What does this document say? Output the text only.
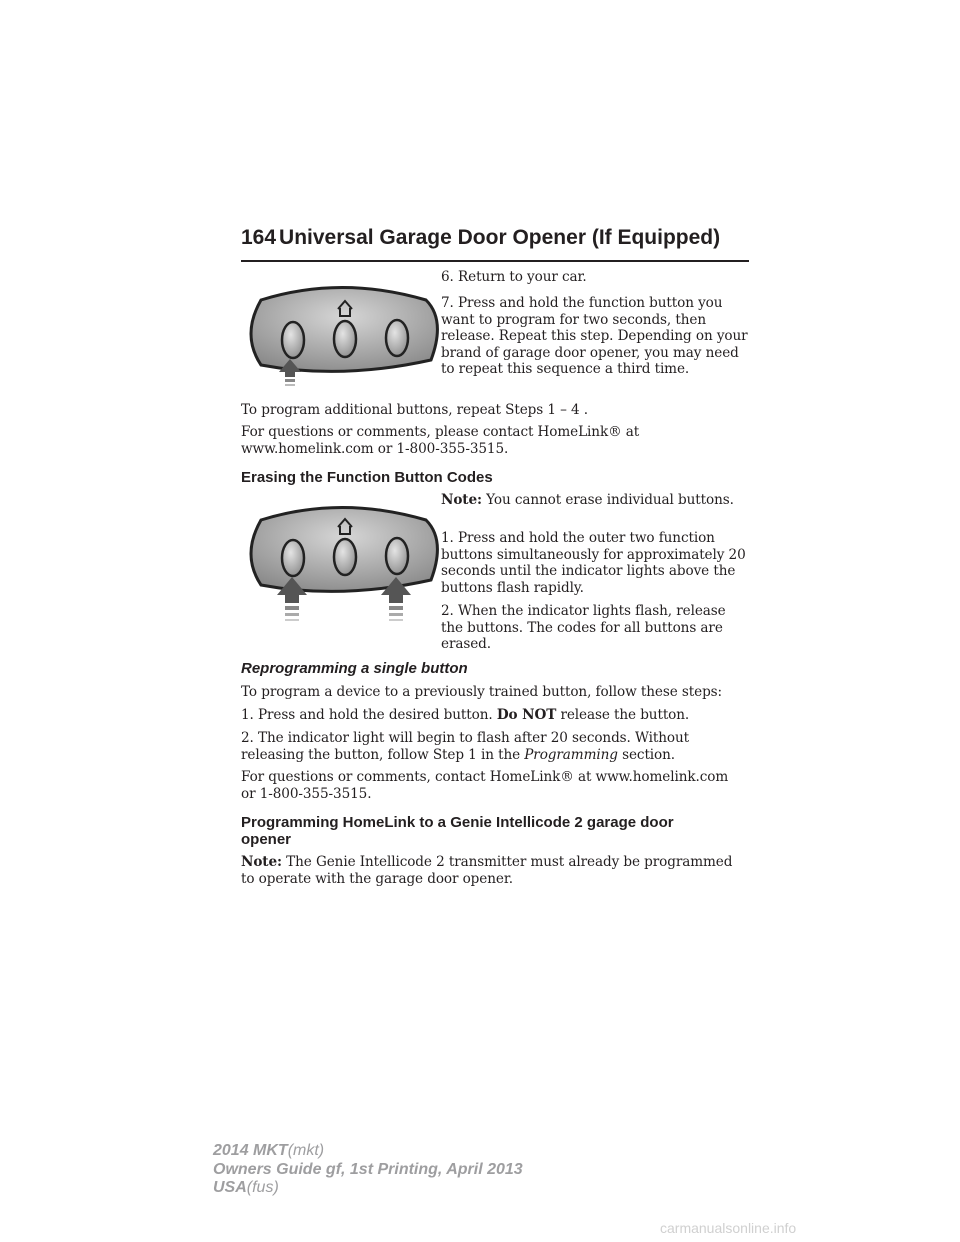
164 Universal Garage Door Opener (If Equipped)

6. Return to your car.

7. Press and hold the function button you want to program for two seconds, then release. Repeat this step. Depending on your brand of garage door opener, you may need to repeat this sequence a third time.

To program additional buttons, repeat Steps 1 – 4 .

For questions or comments, please contact HomeLink® at www.homelink.com or 1-800-355-3515.

Erasing the Function Button Codes

Note: You cannot erase individual buttons.

1. Press and hold the outer two function buttons simultaneously for approximately 20 seconds until the indicator lights above the buttons flash rapidly.

2. When the indicator lights flash, release the buttons. The codes for all buttons are erased.

Reprogramming a single button

To program a device to a previously trained button, follow these steps:

1. Press and hold the desired button. Do NOT release the button.

2. The indicator light will begin to flash after 20 seconds. Without releasing the button, follow Step 1 in the Programming section.

For questions or comments, contact HomeLink® at www.homelink.com or 1-800-355-3515.

Programming HomeLink to a Genie Intellicode 2 garage door opener

Note: The Genie Intellicode 2 transmitter must already be programmed to operate with the garage door opener.

2014 MKT(mkt)
Owners Guide gf, 1st Printing, April 2013
USA(fus)
carmanualsonline.info
